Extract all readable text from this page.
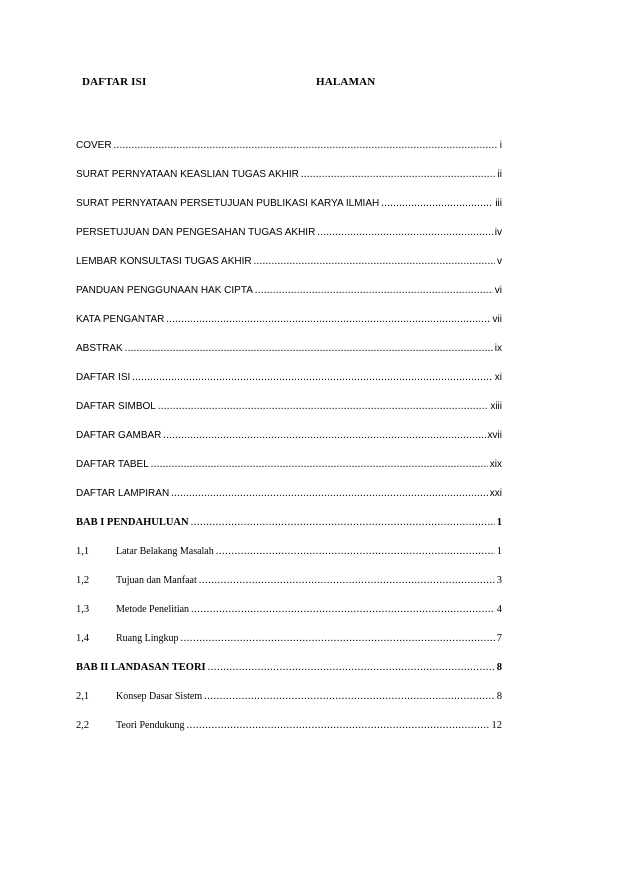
DAFTAR ISI	HALAMAN
COVER .....	i
SURAT PERNYATAAN KEASLIAN TUGAS AKHIR .....	ii
SURAT PERNYATAAN PERSETUJUAN PUBLIKASI KARYA ILMIAH .....	iii
PERSETUJUAN DAN PENGESAHAN TUGAS AKHIR .....	iv
LEMBAR KONSULTASI TUGAS AKHIR .....	v
PANDUAN PENGGUNAAN HAK CIPTA .....	vi
KATA PENGANTAR .....	vii
ABSTRAK .....	ix
DAFTAR ISI .....	xi
DAFTAR SIMBOL .....	xiii
DAFTAR GAMBAR .....	xvii
DAFTAR TABEL .....	xix
DAFTAR LAMPIRAN .....	xxi
BAB I PENDAHULUAN .....	1
1,1	Latar Belakang Masalah .....	1
1,2	Tujuan dan Manfaat .....	3
1,3	Metode Penelitian .....	4
1,4	Ruang Lingkup .....	7
BAB II LANDASAN TEORI .....	8
2,1	Konsep Dasar Sistem .....	8
2,2	Teori Pendukung .....	12
